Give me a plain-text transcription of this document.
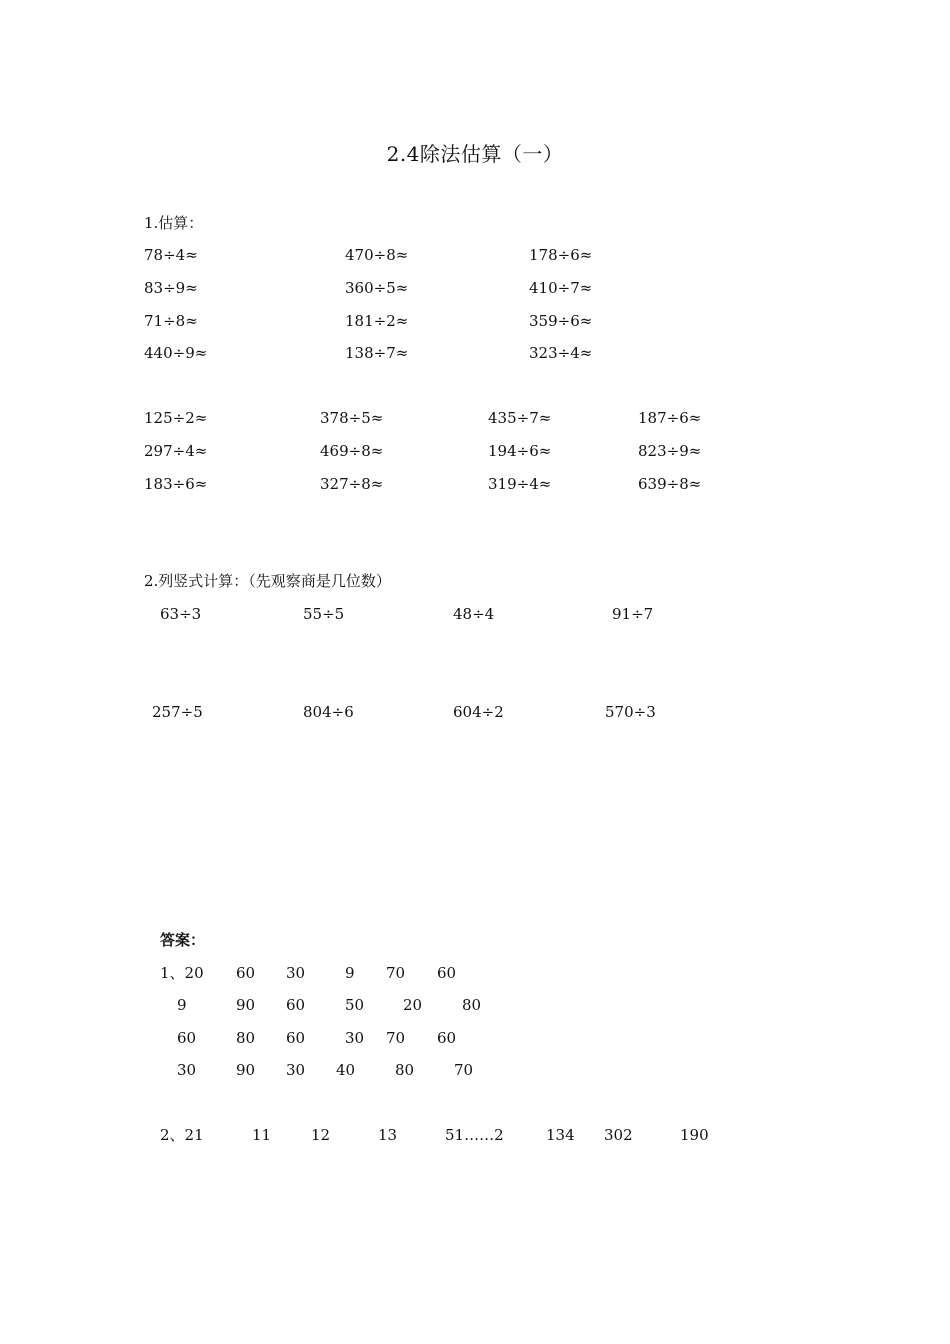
2.4除法估算（一）
1.估算：
78÷4≈	470÷8≈	178÷6≈
83÷9≈	360÷5≈	410÷7≈
71÷8≈	181÷2≈	359÷6≈
440÷9≈	138÷7≈	323÷4≈
125÷2≈	378÷5≈	435÷7≈	187÷6≈
297÷4≈	469÷8≈	194÷6≈	823÷9≈
183÷6≈	327÷8≈	319÷4≈	639÷8≈
2.列竖式计算：（先观察商是几位数）
63÷3	55÷5	48÷4	91÷7
257÷5	804÷6	604÷2	570÷3
答案：
1、20 60 30	9 70 60
9	90 60	50	20	80
60	80 60	30 70 60
30	90 30 40	80	70
2、21	11	12	13	51……2	134 302	190
